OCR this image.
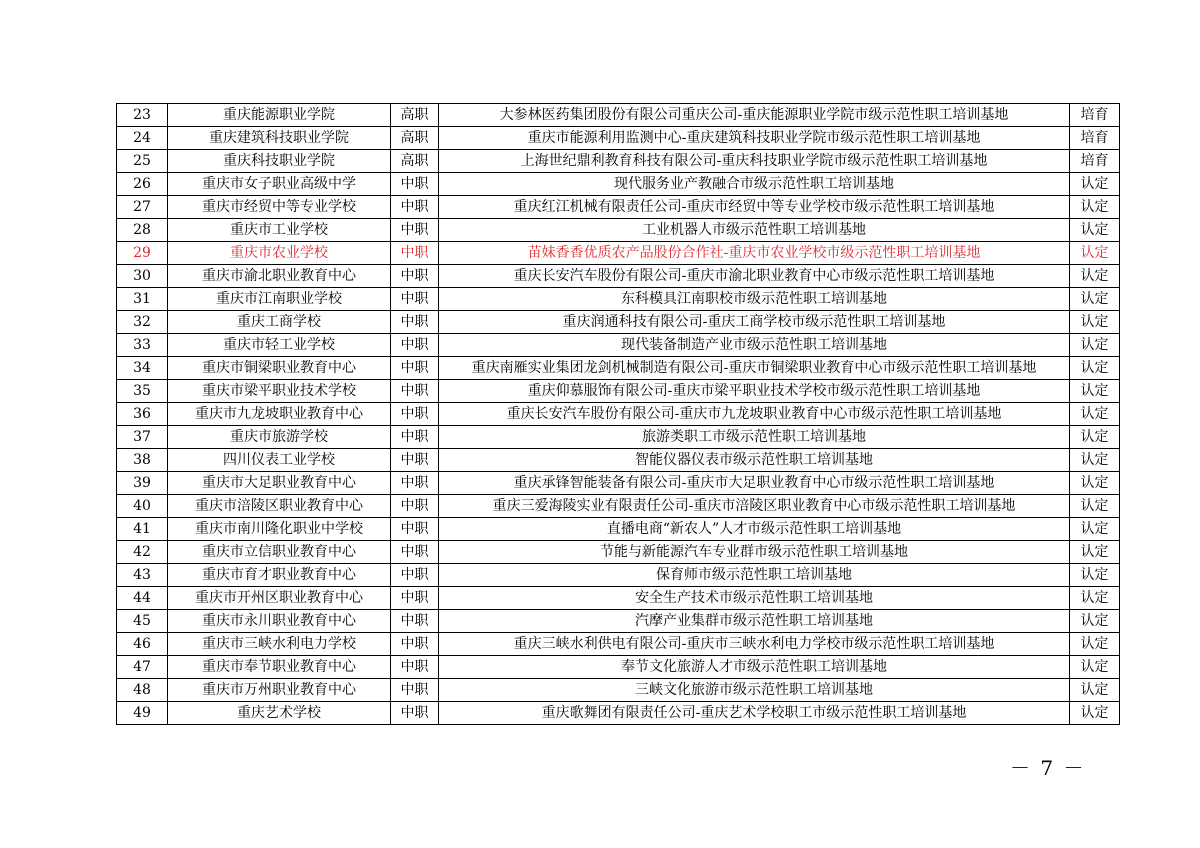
23	重庆能源职业学院	高职	大参林医药集团股份有限公司重庆公司-重庆能源职业学院市级示范性职工培训基地	培育
24	重庆建筑科技职业学院	高职	重庆市能源利用监测中心-重庆建筑科技职业学院市级示范性职工培训基地	培育
25	重庆科技职业学院	高职	上海世纪鼎利教育科技有限公司-重庆科技职业学院市级示范性职工培训基地	培育
26	重庆市女子职业高级中学	中职	现代服务业产教融合市级示范性职工培训基地	认定
27	重庆市经贸中等专业学校	中职	重庆红江机械有限责任公司-重庆市经贸中等专业学校市级示范性职工培训基地	认定
28	重庆市工业学校	中职	工业机器人市级示范性职工培训基地	认定
29	重庆市农业学校	中职	苗妹香香优质农产品股份合作社-重庆市农业学校市级示范性职工培训基地	认定
30	重庆市渝北职业教育中心	中职	重庆长安汽车股份有限公司-重庆市渝北职业教育中心市级示范性职工培训基地	认定
31	重庆市江南职业学校	中职	东科模具江南职校市级示范性职工培训基地	认定
32	重庆工商学校	中职	重庆润通科技有限公司-重庆工商学校市级示范性职工培训基地	认定
33	重庆市轻工业学校	中职	现代装备制造产业市级示范性职工培训基地	认定
34	重庆市铜梁职业教育中心	中职	重庆南雁实业集团龙剑机械制造有限公司-重庆市铜梁职业教育中心市级示范性职工培训基地	认定
35	重庆市梁平职业技术学校	中职	重庆仰慕服饰有限公司-重庆市梁平职业技术学校市级示范性职工培训基地	认定
36	重庆市九龙坡职业教育中心	中职	重庆长安汽车股份有限公司-重庆市九龙坡职业教育中心市级示范性职工培训基地	认定
37	重庆市旅游学校	中职	旅游类职工市级示范性职工培训基地	认定
38	四川仪表工业学校	中职	智能仪器仪表市级示范性职工培训基地	认定
39	重庆市大足职业教育中心	中职	重庆承锋智能装备有限公司-重庆市大足职业教育中心市级示范性职工培训基地	认定
40	重庆市涪陵区职业教育中心	中职	重庆三爱海陵实业有限责任公司-重庆市涪陵区职业教育中心市级示范性职工培训基地	认定
41	重庆市南川隆化职业中学校	中职	直播电商“新农人”人才市级示范性职工培训基地	认定
42	重庆市立信职业教育中心	中职	节能与新能源汽车专业群市级示范性职工培训基地	认定
43	重庆市育才职业教育中心	中职	保育师市级示范性职工培训基地	认定
44	重庆市开州区职业教育中心	中职	安全生产技术市级示范性职工培训基地	认定
45	重庆市永川职业教育中心	中职	汽摩产业集群市级示范性职工培训基地	认定
46	重庆市三峡水利电力学校	中职	重庆三峡水利供电有限公司-重庆市三峡水利电力学校市级示范性职工培训基地	认定
47	重庆市奉节职业教育中心	中职	奉节文化旅游人才市级示范性职工培训基地	认定
48	重庆市万州职业教育中心	中职	三峡文化旅游市级示范性职工培训基地	认定
49	重庆艺术学校	中职	重庆歌舞团有限责任公司-重庆艺术学校职工市级示范性职工培训基地	认定
－ 7 －
